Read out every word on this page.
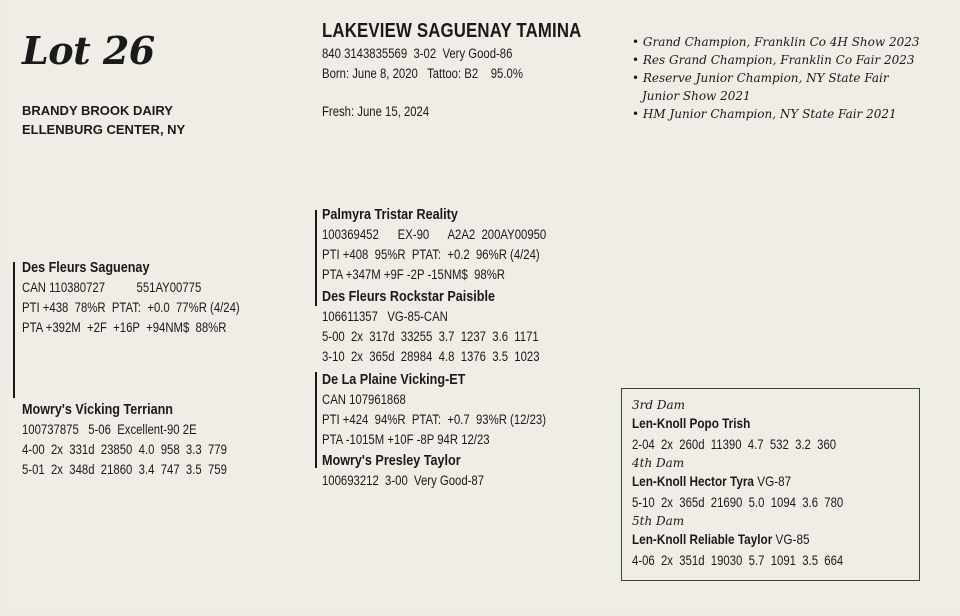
Lot 26
BRANDY BROOK DAIRY
ELLENBURG CENTER, NY
LAKEVIEW SAGUENAY TAMINA
840 3143835569  3-02  Very Good-86
Born: June 8, 2020   Tattoo: B2    95.0%
Fresh: June 15, 2024
• Grand Champion, Franklin Co 4H Show 2023
• Res Grand Champion, Franklin Co Fair 2023
• Reserve Junior Champion, NY State Fair
Junior Show 2021
• HM Junior Champion, NY State Fair 2021
Des Fleurs Saguenay
CAN 110380727          551AY00775
PTI +438  78%R  PTAT:  +0.0  77%R (4/24)
PTA +392M  +2F  +16P  +94NM$  88%R
Mowry's Vicking Terriann
100737875   5-06  Excellent-90 2E
4-00  2x  331d  23850  4.0  958  3.3  779
5-01  2x  348d  21860  3.4  747  3.5  759
Palmyra Tristar Reality
100369452      EX-90      A2A2  200AY00950
PTI +408  95%R  PTAT:  +0.2  96%R (4/24)
PTA +347M +9F -2P -15NM$  98%R
Des Fleurs Rockstar Paisible
106611357   VG-85-CAN
5-00  2x  317d  33255  3.7  1237  3.6  1171
3-10  2x  365d  28984  4.8  1376  3.5  1023
De La Plaine Vicking-ET
CAN 107961868
PTI +424  94%R  PTAT:  +0.7  93%R (12/23)
PTA -1015M +10F -8P 94R 12/23
Mowry's Presley Taylor
100693212  3-00  Very Good-87
3rd Dam
Len-Knoll Popo Trish
2-04  2x  260d  11390  4.7  532  3.2  360
4th Dam
Len-Knoll Hector Tyra VG-87
5-10  2x  365d  21690  5.0  1094  3.6  780
5th Dam
Len-Knoll Reliable Taylor VG-85
4-06  2x  351d  19030  5.7  1091  3.5  664
